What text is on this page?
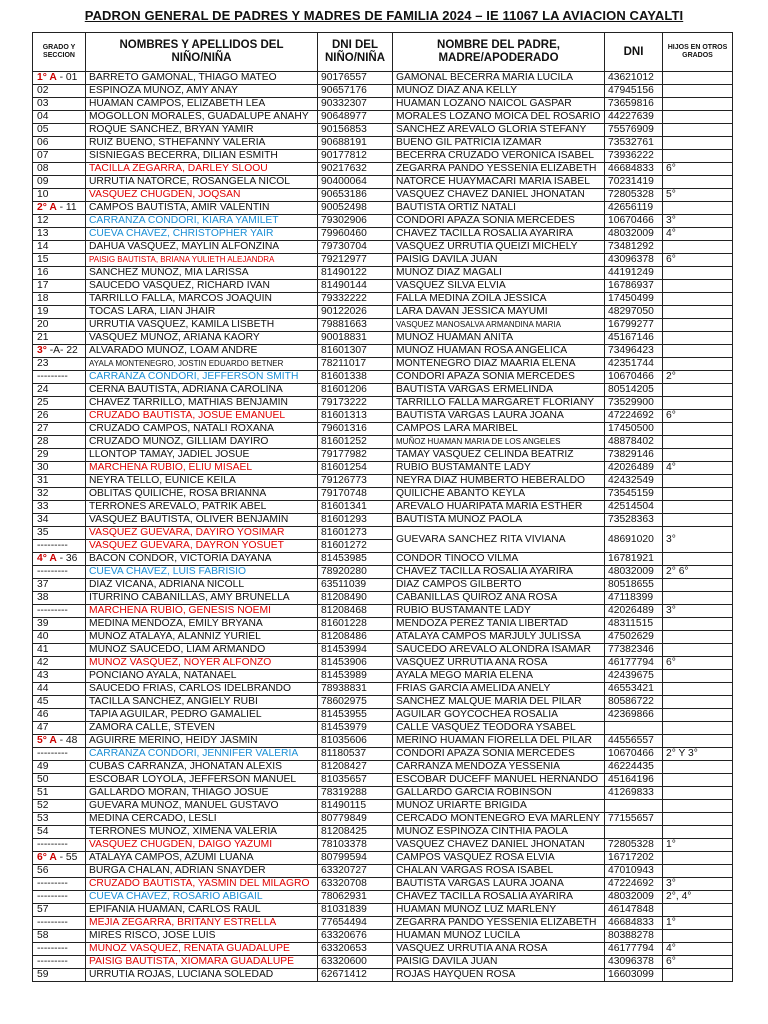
PADRON GENERAL DE PADRES Y MADRES DE FAMILIA 2024 – IE 11067 LA AVIACION CAYALTI
GRADO Y SECCION	NOMBRES Y APELLIDOS DEL NIÑO/NIÑA	DNI DEL NIÑO/NIÑA	NOMBRE DEL PADRE, MADRE/APODERADO	DNI	HIJOS EN OTROS GRADOS
1° A - 01	BARRETO GAMONAL, THIAGO MATEO	90176557	GAMONAL BECERRA MARIA LUCILA	43621012	
02	ESPINOZA MUÑOZ, AMY ANAY	90657176	MUÑOZ DIAZ ANA KELLY	47945156	
03	HUAMAN CAMPOS, ELIZABETH LEA	90332307	HUAMAN LOZANO NAICOL GASPAR	73659816	
04	MOGOLLON MORALES, GUADALUPE ANAHY	90648977	MORALES LOZANO MOICA DEL ROSARIO	44227639	
05	ROQUE SANCHEZ, BRYAN YAMIR	90156853	SANCHEZ AREVALO GLORIA STEFANY	75576909	
06	RUIZ BUENO, STHEFANNY VALERIA	90688191	BUENO GIL PATRICIA IZAMAR	73532761	
07	SISNIEGAS BECERRA, DILIAN ESMITH	90177812	BECERRA CRUZADO VERONICA ISABEL	73936222	
08	TACILLA ZEGARRA, DARLEY SLOOU	90217632	ZEGARRA PANDO YESSENIA ELIZABETH	46684833	6°
09	URRUTIA NATORCE, ROSANGELA NICOL	90400064	NATORCE HUAYMACARI MARIA ISABEL	70231419	
10	VASQUEZ CHUGDEN, JOQSAN	90653186	VASQUEZ CHAVEZ DANIEL JHONATAN	72805328	5°
2° A - 11	CAMPOS BAUTISTA, AMIR VALENTIN	90052498	BAUTISTA ORTIZ NATALI	42656119	
12	CARRANZA CONDORI, KIARA YAMILET	79302906	CONDORI APAZA SONIA MERCEDES	10670466	3°
13	CUEVA CHAVEZ, CHRISTOPHER YAIR	79960460	CHAVEZ TACILLA ROSALIA AYARIRA	48032009	4°
14	DAHUA VASQUEZ, MAYLIN ALFONZINA	79730704	VASQUEZ URRUTIA QUEIZI MICHELY	73481292	
15	PAISIG BAUTISTA, BRIANA YULIETH ALEJANDRA	79212977	PAISIG DAVILA JUAN	43096378	6°
16	SANCHEZ MUÑOZ, MIA LARISSA	81490122	MUÑOZ DIAZ MAGALI	44191249	
17	SAUCEDO VASQUEZ, RICHARD IVAN	81490144	VASQUEZ SILVA ELVIA	16786937	
18	TARRILLO FALLA, MARCOS JOAQUIN	79332222	FALLA MEDINA ZOILA JESSICA	17450499	
19	TOCAS LARA, LIAN JHAIR	90122026	LARA DAVAN JESSICA MAYUMI	48297050	
20	URRUTIA VASQUEZ, KAMILA LISBETH	79881663	VASQUEZ MANOSALVA ARMANDINA MARIA	16799277	
21	VASQUEZ MUÑOZ, ARIANA KAORY	90018831	MUÑOZ HUAMAN ANITA	45167146	
3° -A- 22	ALVARADO MUÑOZ, LOAM ANDRE	81601307	MUÑOZ HUAMAN ROSA ANGELICA	73496423	
23	AYALA MONTENEGRO, JOSTIN EDUARDO BETNER	78211017	MONTENEGRO DIAZ MAARIA ELENA	42351744	
---------	CARRANZA CONDORI, JEFFERSON SMITH	81601338	CONDORI APAZA SONIA MERCEDES	10670466	2°
24	CERNA BAUTISTA, ADRIANA CAROLINA	81601206	BAUTISTA VARGAS ERMELINDA	80514205	
25	CHAVEZ TARRILLO, MATHIAS BENJAMIN	79173222	TARRILLO FALLA MARGARET FLORIANY	73529900	
26	CRUZADO BAUTISTA, JOSUE EMANUEL	81601313	BAUTISTA VARGAS LAURA JOANA	47224692	6°
27	CRUZADO CAMPOS, NATALI ROXANA	79601316	CAMPOS LARA MARIBEL	17450500	
28	CRUZADO MUÑOZ, GILLIAM DAYIRO	81601252	MUÑOZ HUAMAN MARIA DE LOS ANGELES	48878402	
29	LLONTOP TAMAY, JADIEL JOSUE	79177982	TAMAY VASQUEZ CELINDA BEATRIZ	73829146	
30	MARCHENA RUBIO, ELIU MISAEL	81601254	RUBIO BUSTAMANTE LADY	42026489	4°
31	NEYRA TELLO, EUNICE KEILA	79126773	NEYRA DIAZ HUMBERTO HEBERALDO	42432549	
32	OBLITAS QUILICHE, ROSA BRIANNA	79170748	QUILICHE ABANTO KEYLA	73545159	
33	TERRONES AREVALO, PATRIK ABEL	81601341	AREVALO HUARIPATA MARIA ESTHER	42514504	
34	VASQUEZ BAUTISTA, OLIVER BENJAMIN	81601293	BAUTISTA MUÑOZ PAOLA	73528363	
35	VASQUEZ GUEVARA, DAYIRO YOSIMAR	81601273	GUEVARA SANCHEZ RITA VIVIANA	48691020	3°
---------	VASQUEZ GUEVARA, DAYRON YOSUET	81601272			
4° A - 36	BACON CONDOR, VICTORIA DAYANA	81453985	CONDOR TINOCO VILMA	16781921	
---------	CUEVA CHAVEZ, LUIS FABRISIO	78920280	CHAVEZ TACILLA ROSALIA AYARIRA	48032009	2° 6°
37	DIAZ VICAÑA, ADRIANA NICOLL	63511039	DIAZ CAMPOS GILBERTO	80518655	
38	ITURRINO CABANILLAS, AMY BRUNELLA	81208490	CABANILLAS QUIROZ ANA ROSA	47118399	
---------	MARCHENA RUBIO, GENESIS NOEMI	81208468	RUBIO BUSTAMANTE LADY	42026489	3°
39	MEDINA MENDOZA, EMILY BRYANA	81601228	MENDOZA PEREZ TANIA LIBERTAD	48311515	
40	MUÑOZ ATALAYA, ALANNIZ YURIEL	81208486	ATALAYA CAMPOS MARJULY JULISSA	47502629	
41	MUÑOZ SAUCEDO, LIAM ARMANDO	81453994	SAUCEDO AREVALO ALONDRA ISAMAR	77382346	
42	MUÑOZ VASQUEZ, NOYER ALFONZO	81453906	VASQUEZ URRUTIA ANA ROSA	46177794	6°
43	PONCIANO AYALA, NATANAEL	81453989	AYALA MEGO MARIA ELENA	42439675	
44	SAUCEDO FRIAS, CARLOS IDELBRANDO	78938831	FRIAS GARCIA AMELIDA ANELY	46553421	
45	TACILLA SANCHEZ, ANGIELY RUBI	78602975	SANCHEZ MALQUE MARIA DEL PILAR	80586722	
46	TAPIA AGUILAR, PEDRO GAMALIEL	81453955	AGUILAR GOYCOCHEA ROSALIA	42369866	
47	ZAMORA CALLE, STEVEN	81453979	CALLE VASQUEZ TEODORA YSABEL		
5° A - 48	AGUIRRE MERINO, HEIDY JASMIN	81035606	MERINO HUAMAN FIORELLA DEL PILAR	44556557	
---------	CARRANZA CONDORI, JENNIFER VALERIA	81180537	CONDORI APAZA SONIA MERCEDES	10670466	2° Y 3°
49	CUBAS CARRANZA, JHONATAN ALEXIS	81208427	CARRANZA MENDOZA YESSENIA	46224435	
50	ESCOBAR LOYOLA, JEFFERSON MANUEL	81035657	ESCOBAR DUCEFF MANUEL HERNANDO	45164196	
51	GALLARDO MORAN, THIAGO JOSUE	78319288	GALLARDO GARCIA ROBINSON	41269833	
52	GUEVARA MUÑOZ, MANUEL GUSTAVO	81490115	MUÑOZ URIARTE BRIGIDA		
53	MEDINA CERCADO, LESLI	80779849	CERCADO MONTENEGRO EVA MARLENY	77155657	
54	TERRONES MUÑOZ, XIMENA VALERIA	81208425	MUÑOZ ESPINOZA CINTHIA PAOLA		
---------	VASQUEZ CHUGDEN, DAIGO YAZUMI	78103378	VASQUEZ CHAVEZ DANIEL JHONATAN	72805328	1°
6° A - 55	ATALAYA CAMPOS, AZUMI LUANA	80799594	CAMPOS VASQUEZ ROSA ELVIA	16717202	
56	BURGA CHALAN, ADRIAN SNAYDER	63320727	CHALAN VARGAS ROSA ISABEL	47010943	
---------	CRUZADO BAUTISTA, YASMIN DEL MILAGRO	63320708	BAUTISTA VARGAS LAURA JOANA	47224692	3°
---------	CUEVA CHAVEZ, ROSARIO ABIGAIL	78062931	CHAVEZ TACILLA ROSALIA AYARIRA	48032009	2°, 4°
57	EPIFANIA HUAMAN, CARLOS RAUL	81031839	HUAMAN MUÑOZ LUZ MARLENY	46147848	
---------	MEJIA ZEGARRA, BRITANY ESTRELLA	77654494	ZEGARRA PANDO YESSENIA ELIZABETH	46684833	1°
58	MIRES RISCO, JOSE LUIS	63320676	HUAMAN MUÑOZ LUCILA	80388278	
---------	MUÑOZ VASQUEZ, RENATA GUADALUPE	63320653	VASQUEZ URRUTIA ANA ROSA	46177794	4°
---------	PAISIG BAUTISTA, XIOMARA GUADALUPE	63320600	PAISIG DAVILA JUAN	43096378	6°
59	URRUTIA ROJAS, LUCIANA SOLEDAD	62671412	ROJAS HAYQUEN ROSA	16603099	
